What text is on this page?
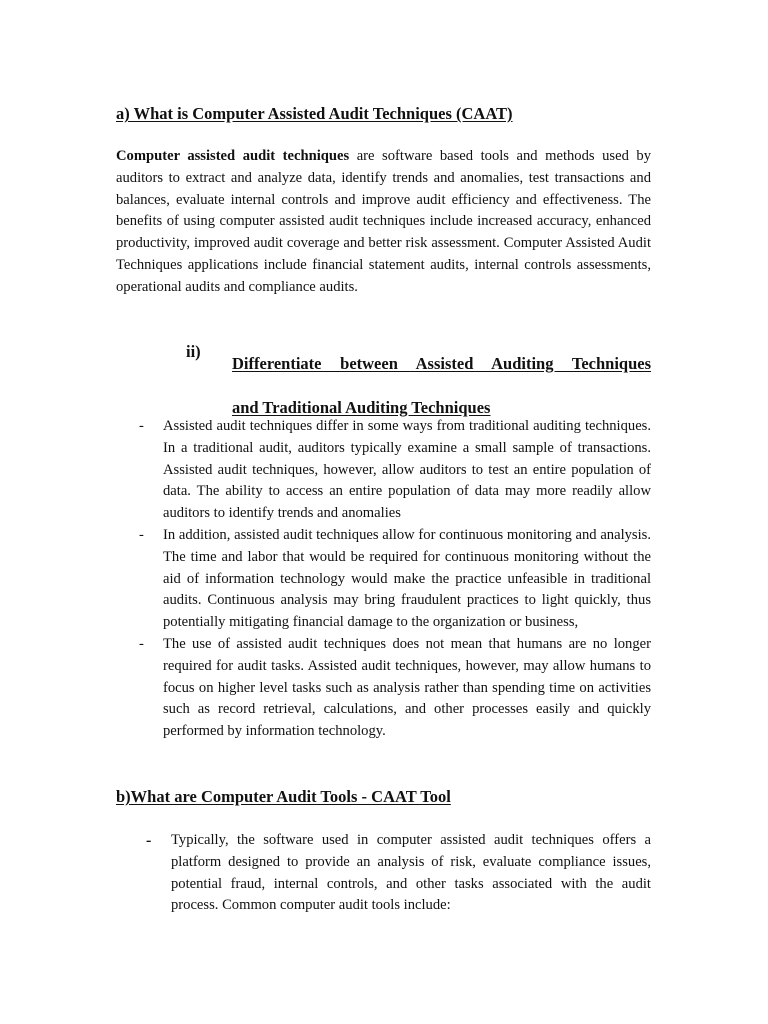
a) What is Computer Assisted Audit Techniques (CAAT)

Computer assisted audit techniques are software based tools and methods used by auditors to extract and analyze data, identify trends and anomalies, test transactions and balances, evaluate internal controls and improve audit efficiency and effectiveness. The benefits of using computer assisted audit techniques include increased accuracy, enhanced productivity, improved audit coverage and better risk assessment. Computer Assisted Audit Techniques applications include financial statement audits, internal controls assessments, operational audits and compliance audits.

ii)
Differentiate between Assisted Auditing Techniques
and Traditional Auditing Techniques
- Assisted audit techniques differ in some ways from traditional auditing techniques. In a traditional audit, auditors typically examine a small sample of transactions. Assisted audit techniques, however, allow auditors to test an entire population of data. The ability to access an entire population of data may more readily allow auditors to identify trends and anomalies
- In addition, assisted audit techniques allow for continuous monitoring and analysis. The time and labor that would be required for continuous monitoring without the aid of information technology would make the practice unfeasible in traditional audits. Continuous analysis may bring fraudulent practices to light quickly, thus potentially mitigating financial damage to the organization or business,
- The use of assisted audit techniques does not mean that humans are no longer required for audit tasks. Assisted audit techniques, however, may allow humans to focus on higher level tasks such as analysis rather than spending time on activities such as record retrieval, calculations, and other processes easily and quickly performed by information technology.
b)What are Computer Audit Tools - CAAT Tool
- Typically, the software used in computer assisted audit techniques offers a platform designed to provide an analysis of risk, evaluate compliance issues, potential fraud, internal controls, and other tasks associated with the audit process. Common computer audit tools include:
